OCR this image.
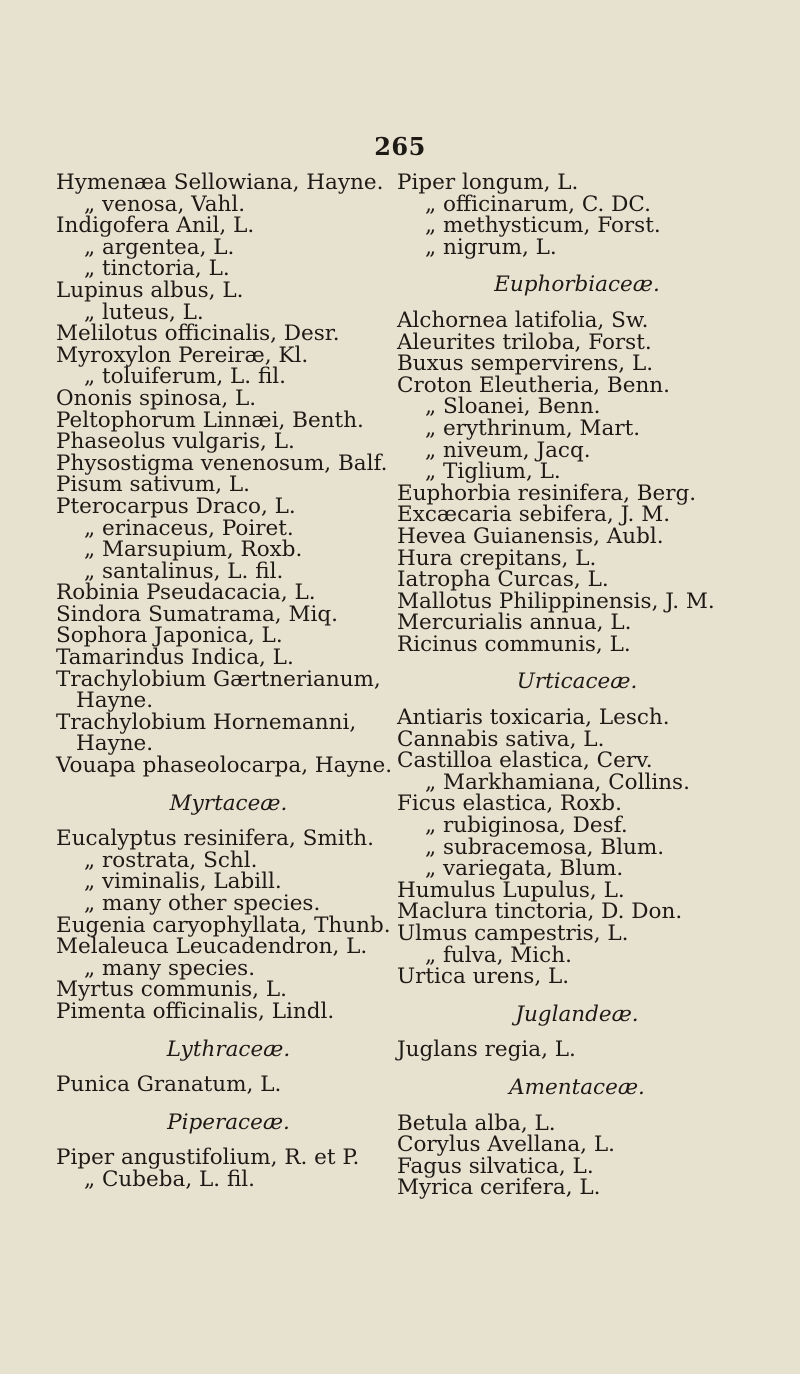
265
Hymenæa Sellowiana, Hayne.
„ venosa, Vahl.
Indigofera Anil, L.
„ argentea, L.
„ tinctoria, L.
Lupinus albus, L.
„ luteus, L.
Melilotus officinalis, Desr.
Myroxylon Pereiræ, Kl.
„ toluiferum, L. fil.
Ononis spinosa, L.
Peltophorum Linnæi, Benth.
Phaseolus vulgaris, L.
Physostigma venenosum, Balf.
Pisum sativum, L.
Pterocarpus Draco, L.
„ erinaceus, Poiret.
„ Marsupium, Roxb.
„ santalinus, L. fil.
Robinia Pseudacacia, L.
Sindora Sumatrama, Miq.
Sophora Japonica, L.
Tamarindus Indica, L.
Trachylobium Gærtnerianum,
Hayne.
Trachylobium Hornemanni,
Hayne.
Vouapa phaseolocarpa, Hayne.
Myrtaceæ.
Eucalyptus resinifera, Smith.
„ rostrata, Schl.
„ viminalis, Labill.
„ many other species.
Eugenia caryophyllata, Thunb.
Melaleuca Leucadendron, L.
„ many species.
Myrtus communis, L.
Pimenta officinalis, Lindl.
Lythraceæ.
Punica Granatum, L.
Piperaceæ.
Piper angustifolium, R. et P.
„ Cubeba, L. fil.
Piper longum, L.
„ officinarum, C. DC.
„ methysticum, Forst.
„ nigrum, L.
Euphorbiaceæ.
Alchornea latifolia, Sw.
Aleurites triloba, Forst.
Buxus sempervirens, L.
Croton Eleutheria, Benn.
„ Sloanei, Benn.
„ erythrinum, Mart.
„ niveum, Jacq.
„ Tiglium, L.
Euphorbia resinifera, Berg.
Excæcaria sebifera, J. M.
Hevea Guianensis, Aubl.
Hura crepitans, L.
Iatropha Curcas, L.
Mallotus Philippinensis, J. M.
Mercurialis annua, L.
Ricinus communis, L.
Urticaceæ.
Antiaris toxicaria, Lesch.
Cannabis sativa, L.
Castilloa elastica, Cerv.
„ Markhamiana, Collins.
Ficus elastica, Roxb.
„ rubiginosa, Desf.
„ subracemosa, Blum.
„ variegata, Blum.
Humulus Lupulus, L.
Maclura tinctoria, D. Don.
Ulmus campestris, L.
„ fulva, Mich.
Urtica urens, L.
Juglandeæ.
Juglans regia, L.
Amentaceæ.
Betula alba, L.
Corylus Avellana, L.
Fagus silvatica, L.
Myrica cerifera, L.
